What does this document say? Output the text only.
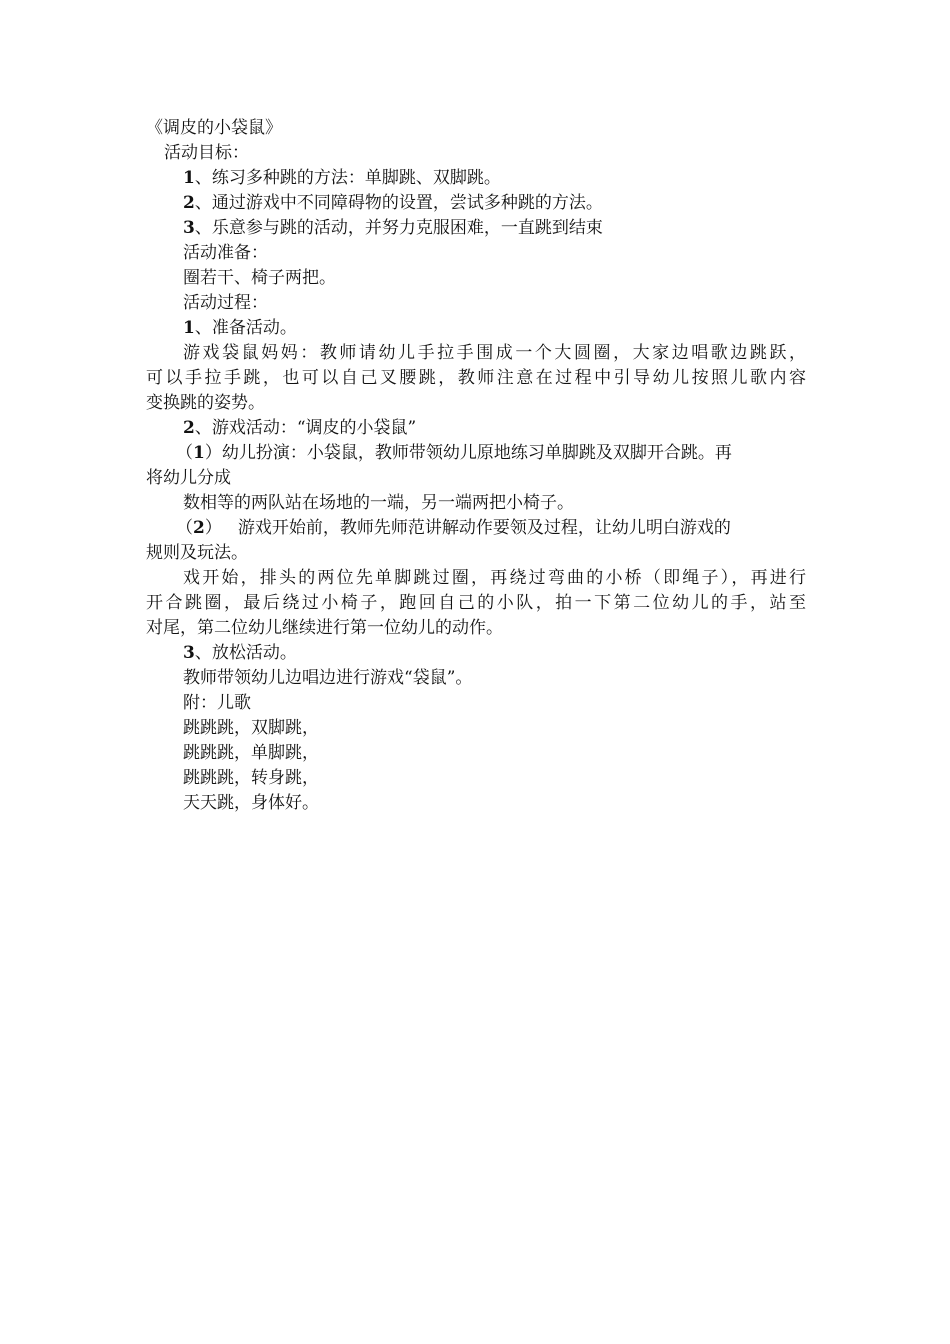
《调皮的小袋鼠》
活动目标：
1、练习多种跳的方法：单脚跳、双脚跳。
2、通过游戏中不同障碍物的设置，尝试多种跳的方法。
3、乐意参与跳的活动，并努力克服困难，一直跳到结束
活动准备：
圈若干、椅子两把。
活动过程：
1、准备活动。
游戏袋鼠妈妈：教师请幼儿手拉手围成一个大圆圈，大家边唱歌边跳跃，
可以手拉手跳，也可以自己叉腰跳，教师注意在过程中引导幼儿按照儿歌内容
变换跳的姿势。
2、游戏活动：“调皮的小袋鼠”
（1）幼儿扮演：小袋鼠，教师带领幼儿原地练习单脚跳及双脚开合跳。再
将幼儿分成
数相等的两队站在场地的一端，另一端两把小椅子。
（2） 游戏开始前，教师先师范讲解动作要领及过程，让幼儿明白游戏的
规则及玩法。
戏开始，排头的两位先单脚跳过圈，再绕过弯曲的小桥（即绳子），再进行
开合跳圈，最后绕过小椅子，跑回自己的小队，拍一下第二位幼儿的手，站至
对尾，第二位幼儿继续进行第一位幼儿的动作。
3、放松活动。
教师带领幼儿边唱边进行游戏“袋鼠”。
附：儿歌
跳跳跳，双脚跳，
跳跳跳，单脚跳，
跳跳跳，转身跳，
天天跳，身体好。
